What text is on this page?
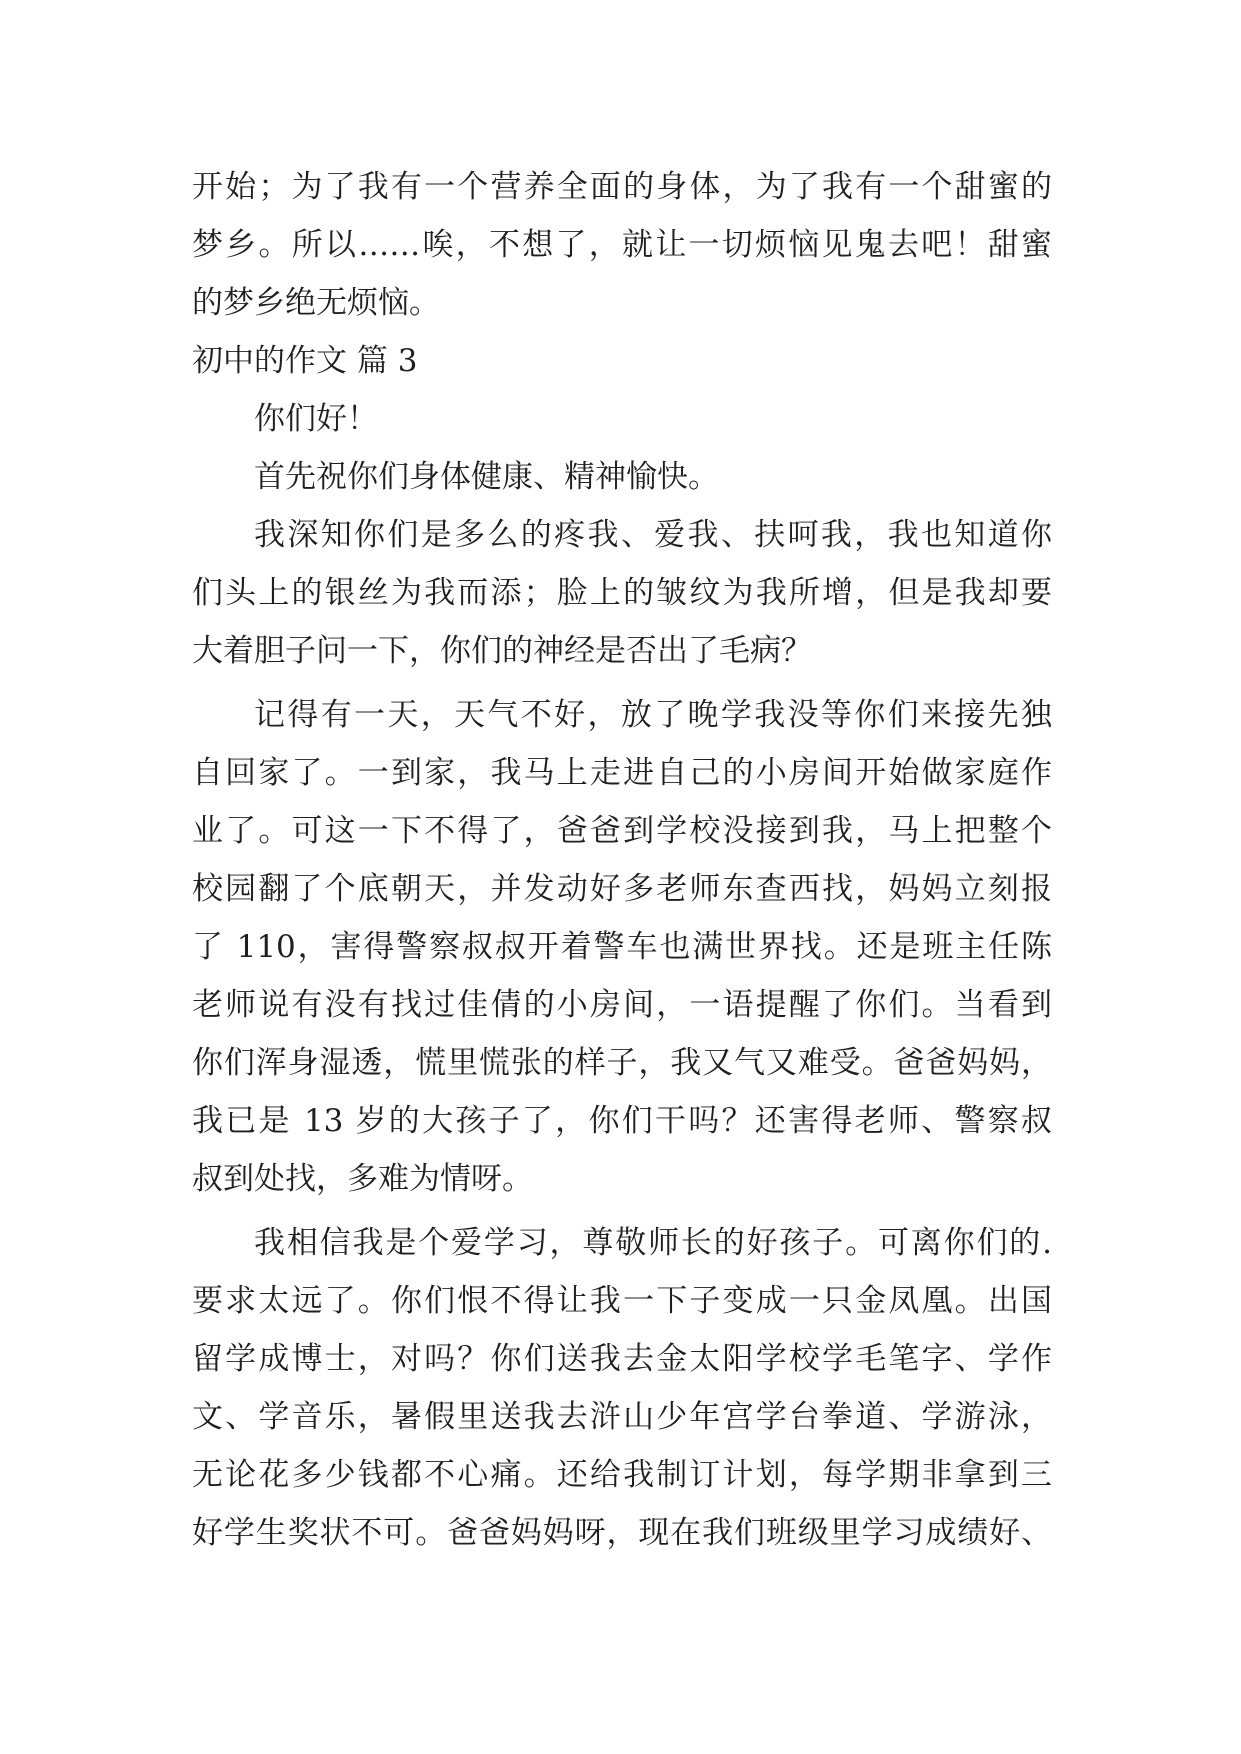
开始；为了我有一个营养全面的身体，为了我有一个甜蜜的
梦乡。所以……唉，不想了，就让一切烦恼见鬼去吧！甜蜜
的梦乡绝无烦恼。
初中的作文 篇 3
你们好！
首先祝你们身体健康、精神愉快。
我深知你们是多么的疼我、爱我、扶呵我，我也知道你
们头上的银丝为我而添；脸上的皱纹为我所增，但是我却要
大着胆子问一下，你们的神经是否出了毛病？
记得有一天，天气不好，放了晚学我没等你们来接先独
自回家了。一到家，我马上走进自己的小房间开始做家庭作
业了。可这一下不得了，爸爸到学校没接到我，马上把整个
校园翻了个底朝天，并发动好多老师东查西找，妈妈立刻报
了 110，害得警察叔叔开着警车也满世界找。还是班主任陈
老师说有没有找过佳倩的小房间，一语提醒了你们。当看到
你们浑身湿透，慌里慌张的样子，我又气又难受。爸爸妈妈，
我已是 13 岁的大孩子了，你们干吗？还害得老师、警察叔
叔到处找，多难为情呀。
我相信我是个爱学习，尊敬师长的好孩子。可离你们的.
要求太远了。你们恨不得让我一下子变成一只金凤凰。出国
留学成博士，对吗？你们送我去金太阳学校学毛笔字、学作
文、学音乐，暑假里送我去浒山少年宫学台拳道、学游泳，
无论花多少钱都不心痛。还给我制订计划，每学期非拿到三
好学生奖状不可。爸爸妈妈呀，现在我们班级里学习成绩好、
